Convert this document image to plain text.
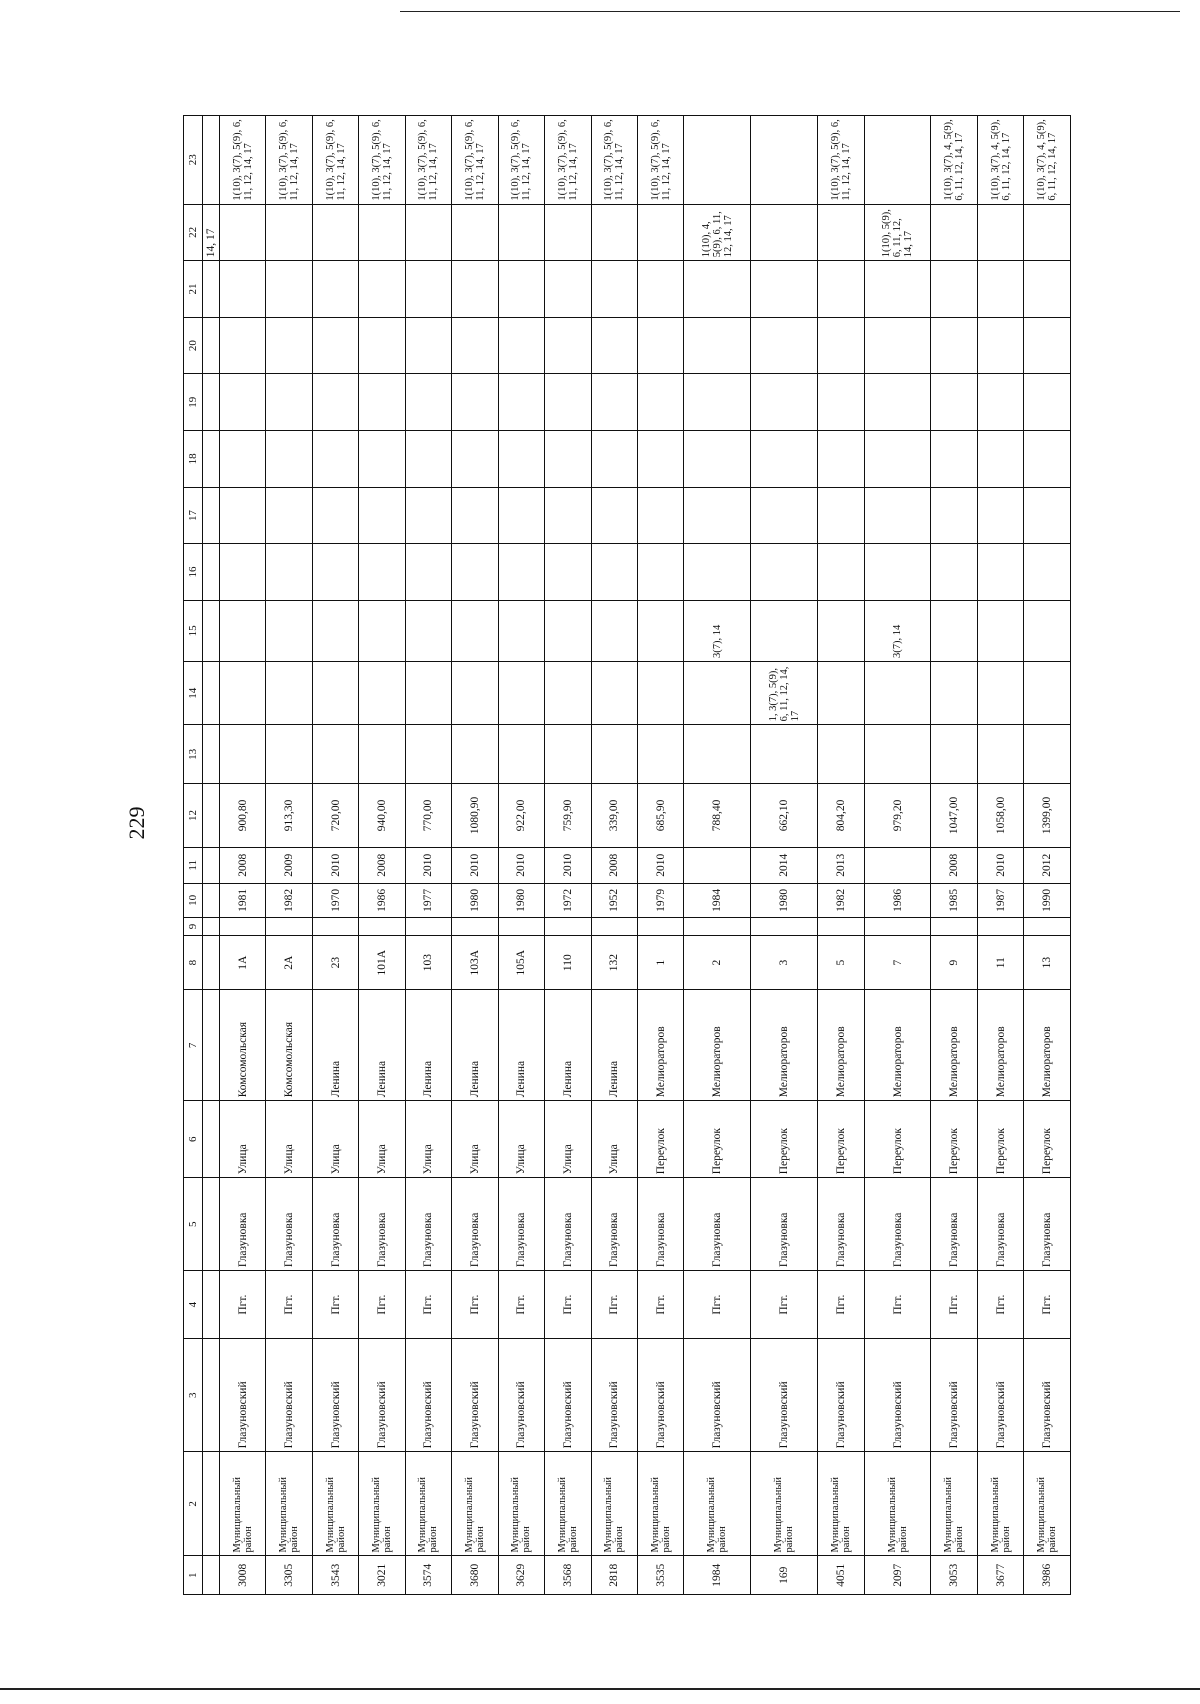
229
1	2	3	4	5	6	7	8	9	10	11	12	13	14	15	16	17	18	19	20	21	22	23
																					14, 17	
3008	Муниципальный район	Глазуновский	Пгт.	Глазуновка	Улица	Комсомольская	1А		1981	2008	900,80											1(10), 3(7), 5(9), 6, 11, 12, 14, 17
3305	Муниципальный район	Глазуновский	Пгт.	Глазуновка	Улица	Комсомольская	2А		1982	2009	913,30											1(10), 3(7), 5(9), 6, 11, 12, 14, 17
3543	Муниципальный район	Глазуновский	Пгт.	Глазуновка	Улица	Ленина	23		1970	2010	720,00											1(10), 3(7), 5(9), 6, 11, 12, 14, 17
3021	Муниципальный район	Глазуновский	Пгт.	Глазуновка	Улица	Ленина	101А		1986	2008	940,00											1(10), 3(7), 5(9), 6, 11, 12, 14, 17
3574	Муниципальный район	Глазуновский	Пгт.	Глазуновка	Улица	Ленина	103		1977	2010	770,00											1(10), 3(7), 5(9), 6, 11, 12, 14, 17
3680	Муниципальный район	Глазуновский	Пгт.	Глазуновка	Улица	Ленина	103А		1980	2010	1080,90											1(10), 3(7), 5(9), 6, 11, 12, 14, 17
3629	Муниципальный район	Глазуновский	Пгт.	Глазуновка	Улица	Ленина	105А		1980	2010	922,00											1(10), 3(7), 5(9), 6, 11, 12, 14, 17
3568	Муниципальный район	Глазуновский	Пгт.	Глазуновка	Улица	Ленина	110		1972	2010	759,90											1(10), 3(7), 5(9), 6, 11, 12, 14, 17
2818	Муниципальный район	Глазуновский	Пгт.	Глазуновка	Улица	Ленина	132		1952	2008	339,00											1(10), 3(7), 5(9), 6, 11, 12, 14, 17
3535	Муниципальный район	Глазуновский	Пгт.	Глазуновка	Переулок	Мелиораторов	1		1979	2010	685,90											1(10), 3(7), 5(9), 6, 11, 12, 14, 17
1984	Муниципальный район	Глазуновский	Пгт.	Глазуновка	Переулок	Мелиораторов	2		1984		788,40			3(7), 14							1(10), 4, 5(9), 6, 11, 12, 14, 17	
169	Муниципальный район	Глазуновский	Пгт.	Глазуновка	Переулок	Мелиораторов	3		1980	2014	662,10		1, 3(7), 5(9), 6, 11, 12, 14, 17									
4051	Муниципальный район	Глазуновский	Пгт.	Глазуновка	Переулок	Мелиораторов	5		1982	2013	804,20											1(10), 3(7), 5(9), 6, 11, 12, 14, 17
2097	Муниципальный район	Глазуновский	Пгт.	Глазуновка	Переулок	Мелиораторов	7		1986		979,20			3(7), 14							1(10), 5(9), 6, 11, 12, 14, 17	
3053	Муниципальный район	Глазуновский	Пгт.	Глазуновка	Переулок	Мелиораторов	9		1985	2008	1047,00											1(10), 3(7), 4, 5(9), 6, 11, 12, 14, 17
3677	Муниципальный район	Глазуновский	Пгт.	Глазуновка	Переулок	Мелиораторов	11		1987	2010	1058,00											1(10), 3(7), 4, 5(9), 6, 11, 12, 14, 17
3986	Муниципальный район	Глазуновский	Пгт.	Глазуновка	Переулок	Мелиораторов	13		1990	2012	1399,00											1(10), 3(7), 4, 5(9), 6, 11, 12, 14, 17
